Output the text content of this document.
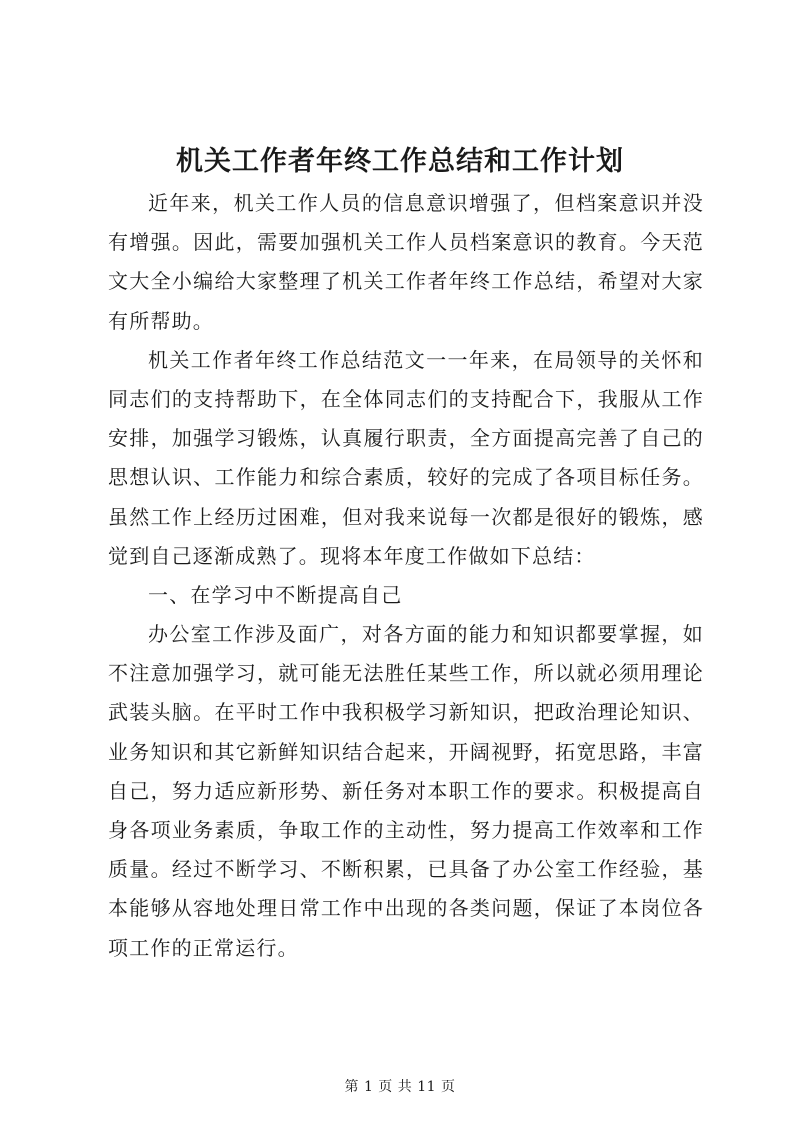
机关工作者年终工作总结和工作计划
近年来，机关工作人员的信息意识增强了，但档案意识并没
有增强。因此，需要加强机关工作人员档案意识的教育。今天范
文大全小编给大家整理了机关工作者年终工作总结，希望对大家
有所帮助。
机关工作者年终工作总结范文一一年来，在局领导的关怀和
同志们的支持帮助下，在全体同志们的支持配合下，我服从工作
安排，加强学习锻炼，认真履行职责，全方面提高完善了自己的
思想认识、工作能力和综合素质，较好的完成了各项目标任务。
虽然工作上经历过困难，但对我来说每一次都是很好的锻炼，感
觉到自己逐渐成熟了。现将本年度工作做如下总结：
一、在学习中不断提高自己
办公室工作涉及面广，对各方面的能力和知识都要掌握，如
不注意加强学习，就可能无法胜任某些工作，所以就必须用理论
武装头脑。在平时工作中我积极学习新知识，把政治理论知识、
业务知识和其它新鲜知识结合起来，开阔视野，拓宽思路，丰富
自己，努力适应新形势、新任务对本职工作的要求。积极提高自
身各项业务素质，争取工作的主动性，努力提高工作效率和工作
质量。经过不断学习、不断积累，已具备了办公室工作经验，基
本能够从容地处理日常工作中出现的各类问题，保证了本岗位各
项工作的正常运行。
第 1 页 共 11 页
